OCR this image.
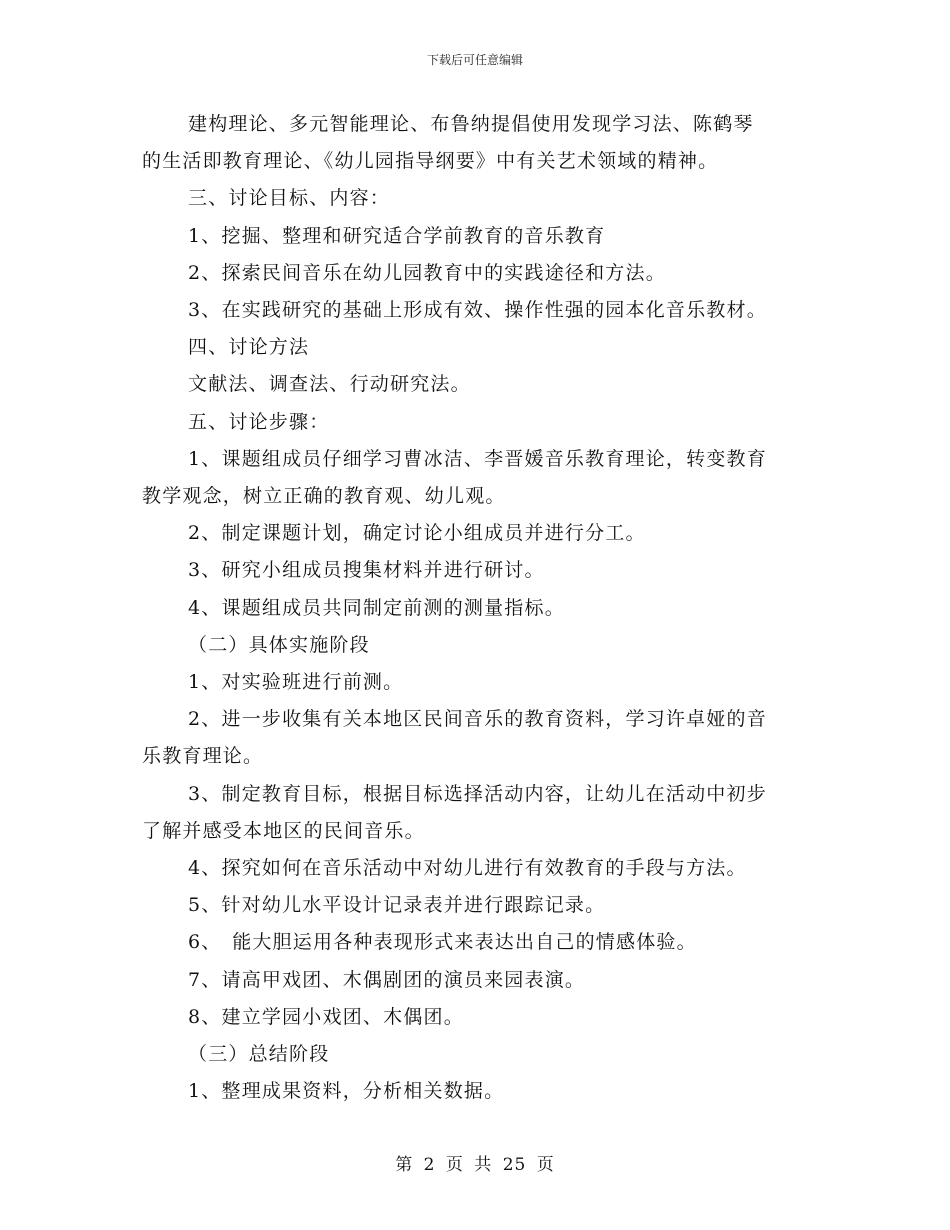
下载后可任意编辑

建构理论、多元智能理论、布鲁纳提倡使用发现学习法、陈鹤琴

的生活即教育理论、《幼儿园指导纲要》中有关艺术领域的精神。

三、讨论目标、内容：

1、挖掘、整理和研究适合学前教育的音乐教育

2、探索民间音乐在幼儿园教育中的实践途径和方法。

3、在实践研究的基础上形成有效、操作性强的园本化音乐教材。

四、讨论方法

文献法、调查法、行动研究法。

五、讨论步骤：

1、课题组成员仔细学习曹冰洁、李晋媛音乐教育理论，转变教育

教学观念，树立正确的教育观、幼儿观。

2、制定课题计划，确定讨论小组成员并进行分工。

3、研究小组成员搜集材料并进行研讨。

4、课题组成员共同制定前测的测量指标。

（二）具体实施阶段

1、对实验班进行前测。

2、进一步收集有关本地区民间音乐的教育资料，学习许卓娅的音

乐教育理论。

3、制定教育目标，根据目标选择活动内容，让幼儿在活动中初步

了解并感受本地区的民间音乐。

4、探究如何在音乐活动中对幼儿进行有效教育的手段与方法。

5、针对幼儿水平设计记录表并进行跟踪记录。

6、　能大胆运用各种表现形式来表达出自己的情感体验。

7、请高甲戏团、木偶剧团的演员来园表演。

8、建立学园小戏团、木偶团。

（三）总结阶段

1、整理成果资料，分析相关数据。

第 2 页 共 25 页
